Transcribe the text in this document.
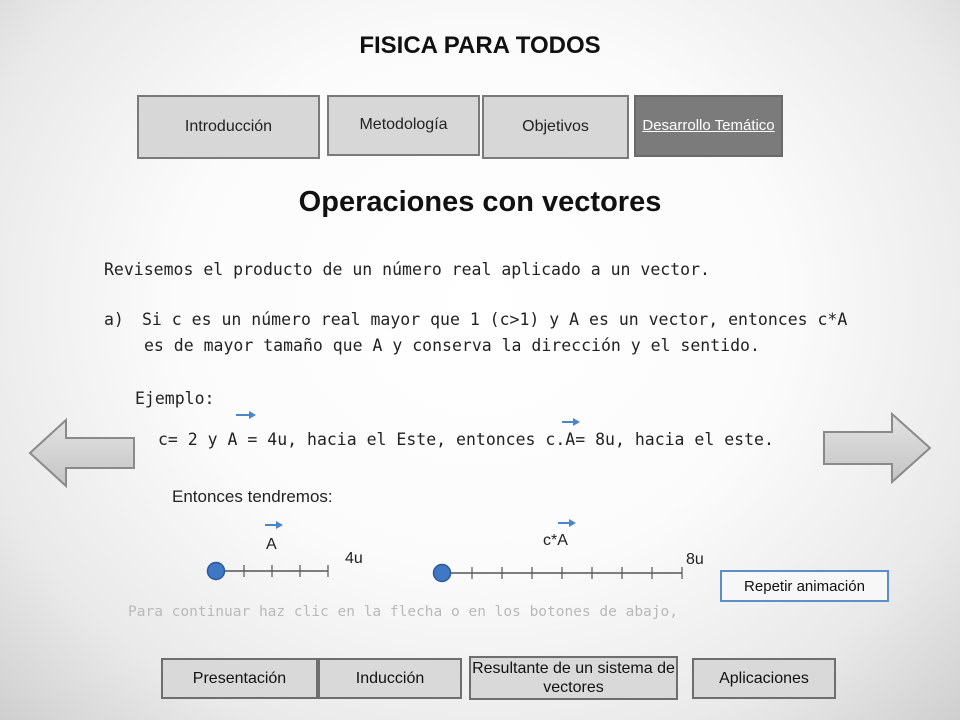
FISICA PARA TODOS
Introducción	Metodología	Objetivos	Desarrollo Temático
Operaciones con vectores
Revisemos el producto de un número real aplicado a un vector.
a) Si c es un número real mayor que 1 (c>1) y A es un vector, entonces c*A
es de mayor tamaño que A y conserva la dirección y el sentido.
Ejemplo:
c= 2 y A = 4u, hacia el Este, entonces c.A= 8u, hacia el este.
Entonces tendremos:
A
4u
c*A
8u
Repetir animación
Para continuar haz clic en la flecha o en los botones de abajo,
Presentación	Inducción
Resultante de un sistema de vectores
Aplicaciones
